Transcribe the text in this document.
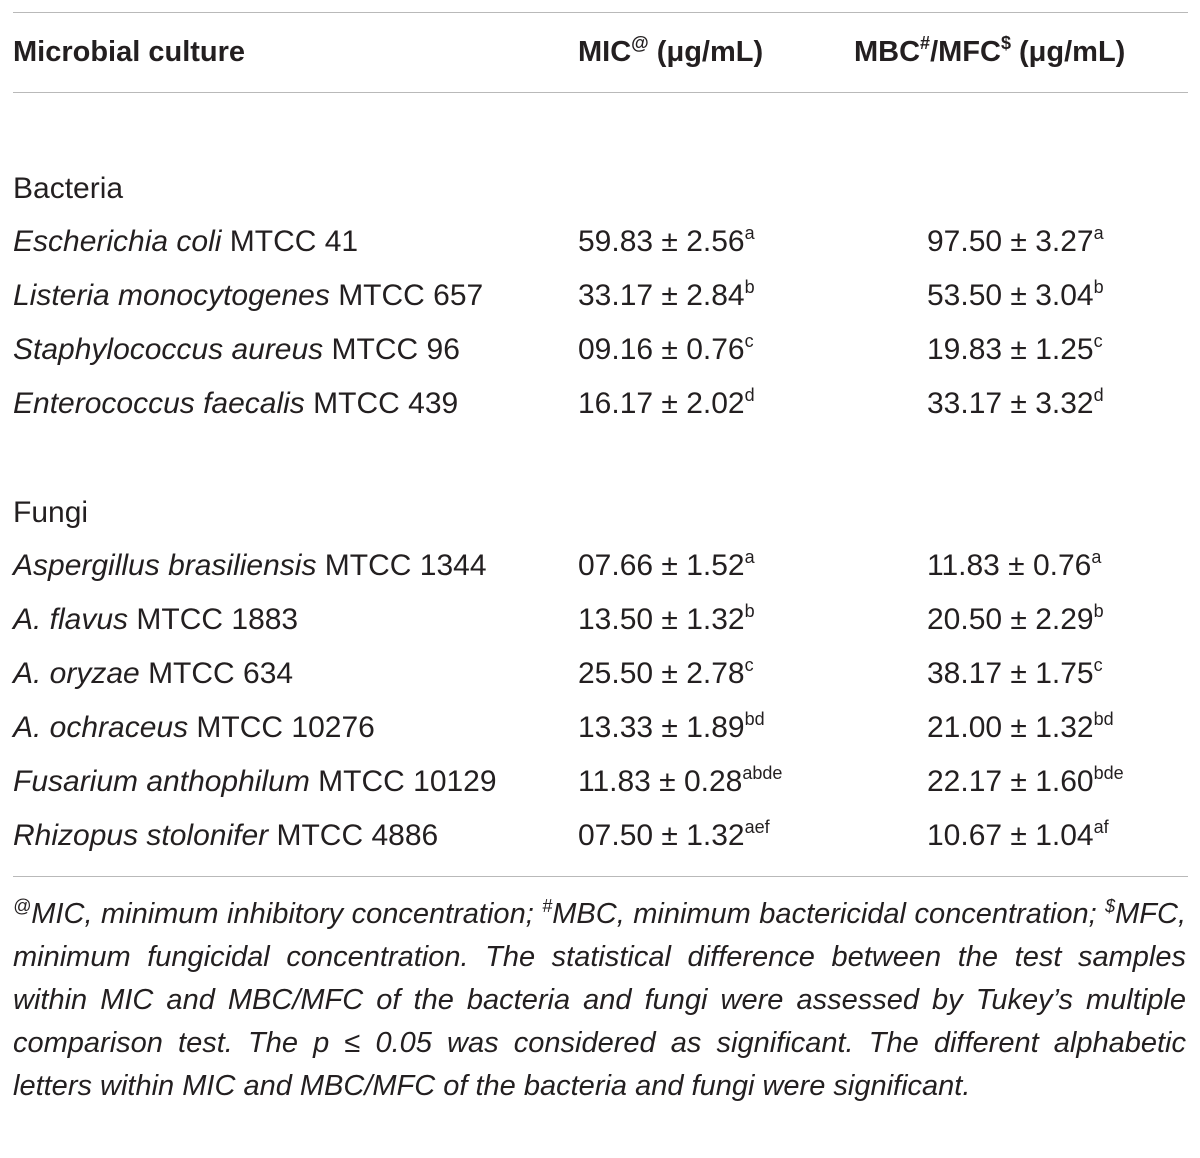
Microbial culture	MIC@ (μg/mL)	MBC#/MFC$ (μg/mL)
Bacteria
Escherichia coli MTCC 41	59.83 ± 2.56$^a$	97.50 ± 3.27$^a$
Listeria monocytogenes MTCC 657	33.17 ± 2.84$^b$	53.50 ± 3.04$^b$
Staphylococcus aureus MTCC 96	09.16 ± 0.76$^c$	19.83 ± 1.25$^c$
Enterococcus faecalis MTCC 439	16.17 ± 2.02$^d$	33.17 ± 3.32$^d$
Fungi
Aspergillus brasiliensis MTCC 1344	07.66 ± 1.52$^a$	11.83 ± 0.76$^a$
A. flavus MTCC 1883	13.50 ± 1.32$^b$	20.50 ± 2.29$^b$
A. oryzae MTCC 634	25.50 ± 2.78$^c$	38.17 ± 1.75$^c$
A. ochraceus MTCC 10276	13.33 ± 1.89$^{bd}$	21.00 ± 1.32$^{bd}$
Fusarium anthophilum MTCC 10129	$11.83 \pm 0.28^{abde}$	22.17 ± 1.60$^{bde}$
Rhizopus stolonifer MTCC 4886	07.50 ± 1.32$^{aef}$	10.67 ± 1.04$^{af}$
@MIC, minimum inhibitory concentration; #MBC, minimum bactericidal concentration; $MFC, minimum fungicidal concentration. The statistical difference between the test samples within MIC and MBC/MFC of the bacteria and fungi were assessed by Tukey’s multiple comparison test. The p ≤ 0.05 was considered as significant. The different alphabetic letters within MIC and MBC/MFC of the bacteria and fungi were significant.
